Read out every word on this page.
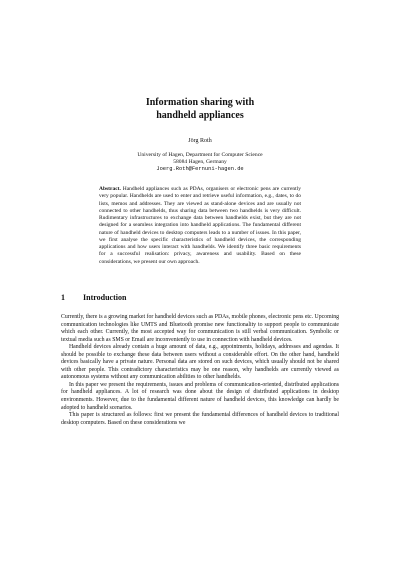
Information sharing with
handheld appliances
Jörg Roth
University of Hagen, Department for Computer Science
58084 Hagen, Germany
Joerg.Roth@Fernuni-hagen.de
Abstract. Handheld appliances such as PDAs, organisers or electronic pens are currently very popular. Handhelds are used to enter and retrieve useful information, e.g., dates, to do lists, memos and addresses. They are viewed as stand-alone devices and are usually not connected to other handhelds, thus sharing data between two handhelds is very difficult. Rudimentary infrastructures to exchange data between handhelds exist, but they are not designed for a seamless integration into handheld applications. The fundamental different nature of handheld devices to desktop computers leads to a number of issues. In this paper, we first analyse the specific characteristics of handheld devices, the corresponding applications and how users interact with handhelds. We identify three basic requirements for a successful realisation: privacy, awareness and usability. Based on these considerations, we present our own approach.
1 Introduction

Currently, there is a growing market for handheld devices such as PDAs, mobile phones, electronic pens etc. Upcoming communication technologies like UMTS and Bluetooth promise new functionality to support people to communicate which each other. Currently, the most accepted way for communication is still verbal communication. Symbolic or textual media such as SMS or Email are inconveniently to use in connection with handheld devices.

Handheld devices already contain a huge amount of data, e.g., appointments, holidays, addresses and agendas. It should be possible to exchange these data between users without a considerable effort. On the other hand, handheld devices basically have a private nature. Personal data are stored on such devices, which usually should not be shared with other people. This contradictory characteristics may be one reason, why handhelds are currently viewed as autonomous systems without any communication abilities to other handhelds.

In this paper we present the requirements, issues and problems of communication-oriented, distributed applications for handheld appliances. A lot of research was done about the design of distributed applications in desktop environments. However, due to the fundamental different nature of handheld devices, this knowledge can hardly be adopted to handheld scenarios.

This paper is structured as follows: first we present the fundamental differences of handheld devices to traditional desktop computers. Based on these considerations we
